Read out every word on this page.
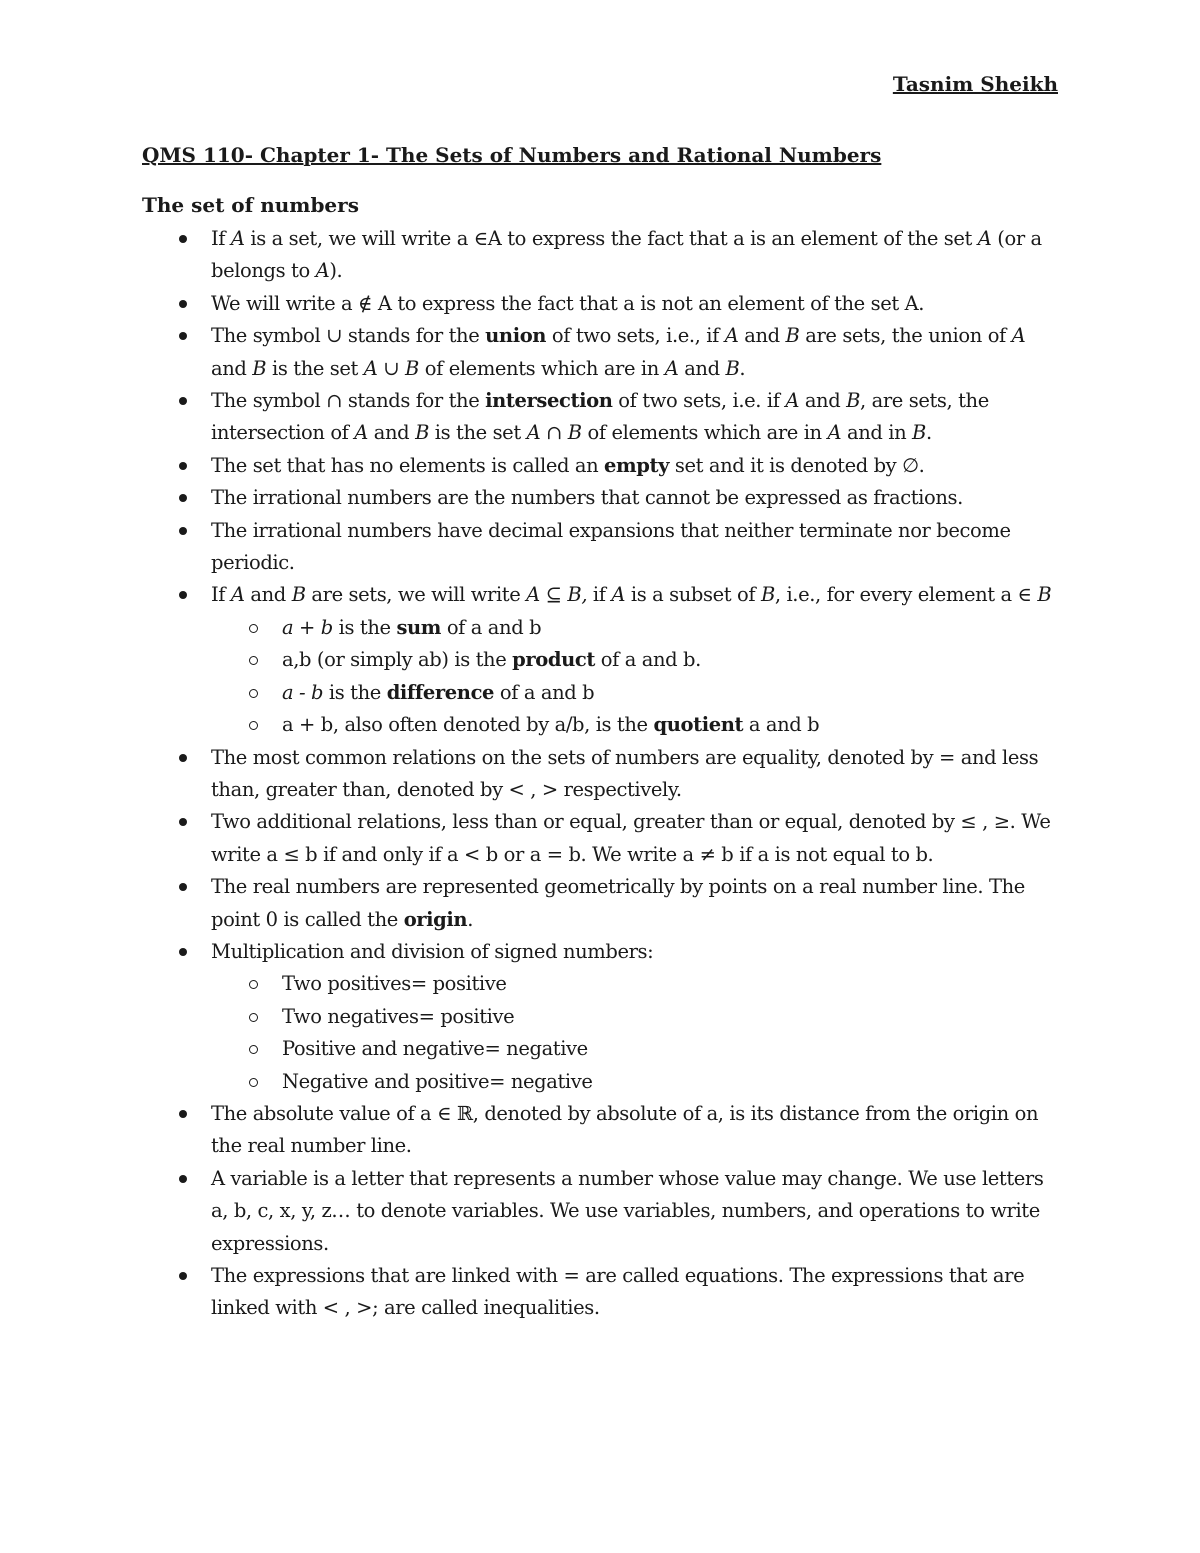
Tasnim Sheikh
QMS 110- Chapter 1- The Sets of Numbers and Rational Numbers
The set of numbers
If A is a set, we will write a ∈A to express the fact that a is an element of the set A (or a belongs to A).
We will write a ∉ A to express the fact that a is not an element of the set A.
The symbol ∪ stands for the union of two sets, i.e., if A and B are sets, the union of A and B is the set A ∪ B of elements which are in A and B.
The symbol ∩ stands for the intersection of two sets, i.e. if A and B, are sets, the intersection of A and B is the set A ∩ B of elements which are in A and in B.
The set that has no elements is called an empty set and it is denoted by ∅.
The irrational numbers are the numbers that cannot be expressed as fractions.
The irrational numbers have decimal expansions that neither terminate nor become periodic.
If A and B are sets, we will write A ⊆ B, if A is a subset of B, i.e., for every element a ∈ B
a + b is the sum of a and b
a,b (or simply ab) is the product of a and b.
a - b is the difference of a and b
a + b, also often denoted by a/b, is the quotient a and b
The most common relations on the sets of numbers are equality, denoted by = and less than, greater than, denoted by < , > respectively.
Two additional relations, less than or equal, greater than or equal, denoted by ≤ , ≥. We write a ≤ b if and only if a < b or a = b. We write a ≠ b if a is not equal to b.
The real numbers are represented geometrically by points on a real number line. The point 0 is called the origin.
Multiplication and division of signed numbers:
Two positives= positive
Two negatives= positive
Positive and negative= negative
Negative and positive= negative
The absolute value of a ∈ ℝ, denoted by absolute of a, is its distance from the origin on the real number line.
A variable is a letter that represents a number whose value may change. We use letters a, b, c, x, y, z… to denote variables. We use variables, numbers, and operations to write expressions.
The expressions that are linked with = are called equations. The expressions that are linked with < , >; are called inequalities.
